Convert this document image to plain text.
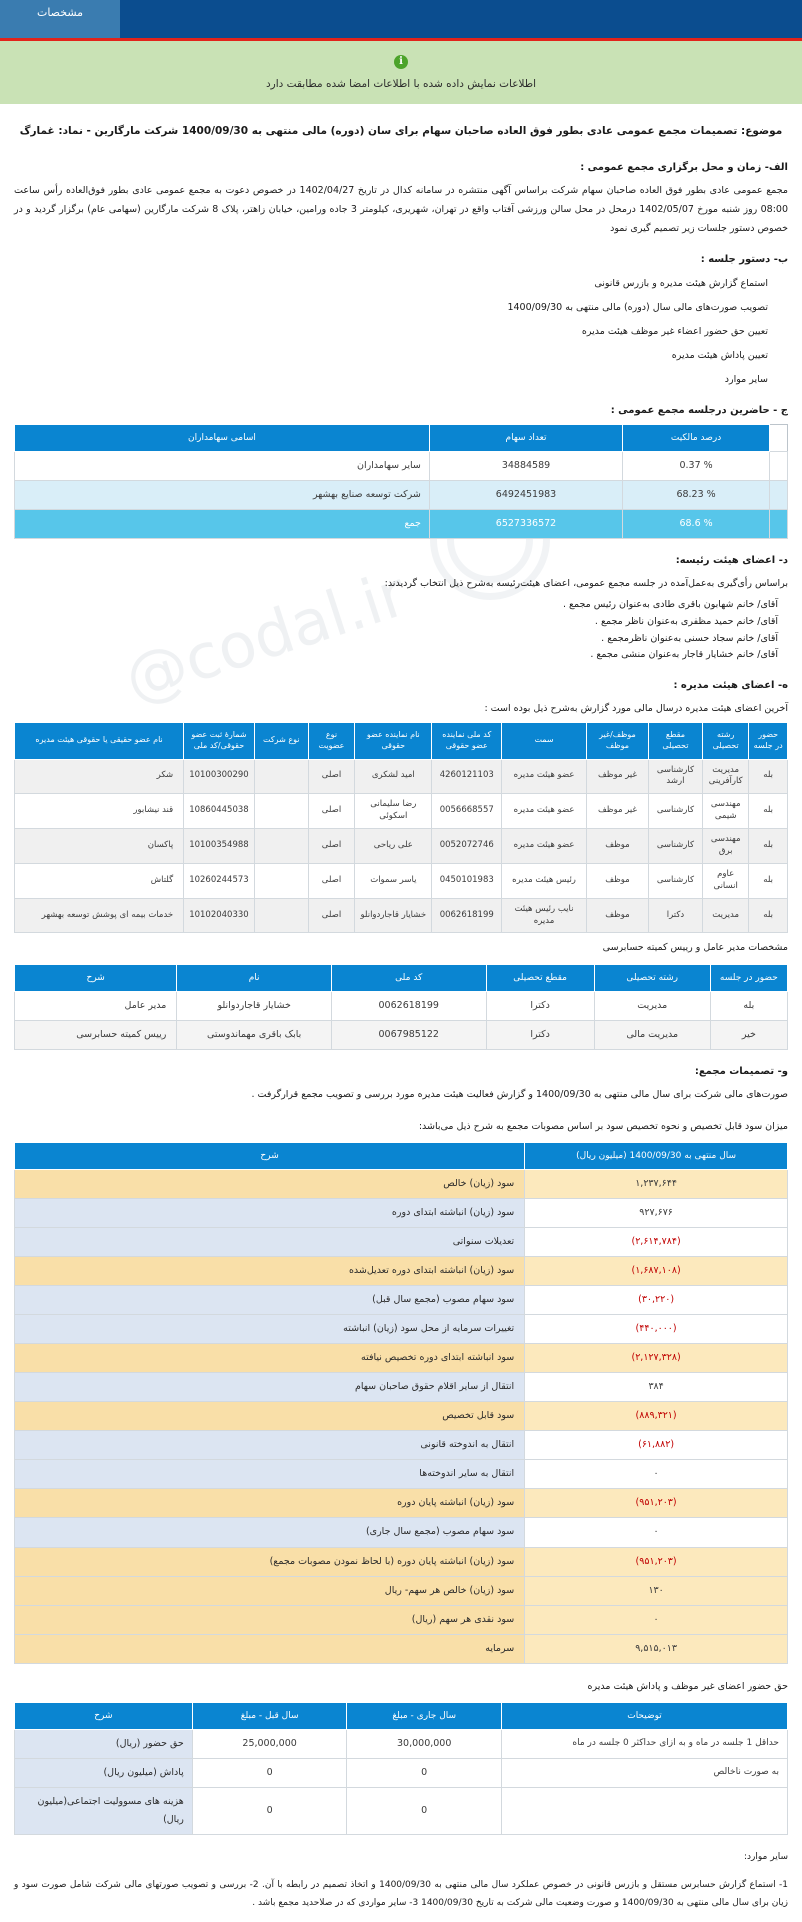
مشخصات
i
اطلاعات نمایش داده شده با اطلاعات امضا شده مطابقت دارد
@codal.ir
موضوع: تصمیمات مجمع عمومی عادی بطور فوق العاده صاحبان سهام برای سان (دوره) مالی منتهی به 1400/09/30 شرکت مارگارین - نماد: غمارگ
الف- زمان و محل برگزاری مجمع عمومی :

مجمع عمومی عادی بطور فوق العاده صاحبان سهام شرکت براساس آگهی منتشره در سامانه کدال در تاریخ 1402/04/27 در خصوص دعوت به مجمع عمومی عادی بطور فوق‌العاده رأس ساعت 08:00 روز شنبه مورخ 1402/05/07 درمحل در محل سالن ورزشی آفتاب واقع در تهران، شهریری، کیلومتر 3 جاده ورامین، خیابان زاهتر، پلاک 8 شرکت مارگارین (سهامی عام) برگزار گردید و در خصوص دستور جلسات زیر تصمیم گیری نمود

ب- دستور جلسه :
استماع گزارش هیئت مدیره و بازرس قانونی
تصویب صورت‌های مالی سال (دوره) مالی منتهی به 1400/09/30
تعیین حق حضور اعضاء غیر موظف هیئت مدیره
تعیین پاداش هیئت مدیره
سایر موارد
ج - حاضرین درجلسه مجمع عمومی :
	درصد مالکیت	تعداد سهام	اسامی سهامداران
	% 0.37	34884589	سایر سهامداران
	% 68.23	6492451983	شرکت توسعه صنایع بهشهر
	% 68.6	6527336572	جمع
د- اعضای هیئت رئیسه:
براساس رأی‌گیری به‌عمل‌آمده در جلسه مجمع عمومی، اعضای هیئت‌رئیسه به‌شرح ذیل انتخاب گردیدند:
آقای/ خانم شهابون باقری طادی به‌عنوان رئیس مجمع .
آقای/ خانم حمید مظفری به‌عنوان ناظر مجمع .
آقای/ خانم سجاد حسنی به‌عنوان ناظرمجمع .
آقای/ خانم خشایار قاجار به‌عنوان منشی مجمع .
ه- اعضای هیئت مدیره :
آخرین اعضای هیئت مدیره درسال مالی مورد گزارش به‌شرح ذیل بوده است :
حضور در جلسه	رشته تحصیلی	مقطع تحصیلی	موظف/غیر موظف	سمت	کد ملی نماینده عضو حقوقی	نام نماینده عضو حقوقی	نوع عضویت	نوع شرکت	شمارهٔ ثبت عضو حقوقی/کد ملی	نام عضو حقیقی یا حقوقی هیئت مدیره
بله	مدیریت کارآفرینی	کارشناسی ارشد	غیر موظف	عضو هیئت مدیره	4260121103	امید لشکری	اصلی		10100300290	شکر
بله	مهندسی شیمی	کارشناسی	غیر موظف	عضو هیئت مدیره	0056668557	رضا سلیمانی اسکوئی	اصلی		10860445038	قند نیشابور
بله	مهندسی برق	کارشناسی	موظف	عضو هیئت مدیره	0052072746	علی ریاحی	اصلی		10100354988	پاکسان
بله	عاوم انسانی	کارشناسی	موظف	رئیس هیئت مدیره	0450101983	یاسر سموات	اصلی		10260244573	گلتاش
بله	مدیریت	دکترا	موظف	نایب رئیس هیئت مدیره	0062618199	خشایار قاجاردوانلو	اصلی		10102040330	خدمات بیمه ای پوشش توسعه بهشهر
مشخصات مدیر عامل و رییس کمیته حسابرسی
حضور در جلسه	رشته تحصیلی	مقطع تحصیلی	کد ملی	نام	شرح
بله	مدیریت	دکترا	0062618199	خشایار قاجاردوانلو	مدیر عامل
خیر	مدیریت مالی	دکترا	0067985122	بابک باقری مهماندوستی	رییس کمیته حسابرسی
و- تصمیمات مجمع:
صورت‌های مالی شرکت برای سال مالی منتهی به 1400/09/30 و گزارش فعالیت هیئت مدیره مورد بررسی و تصویب مجمع قرارگرفت .
میزان سود قابل تخصیص و نحوه تخصیص سود بر اساس مصوبات مجمع به شرح ذیل می‌باشد:
سال منتهی به 1400/09/30 (میلیون ریال)	شرح
۱,۲۳۷,۶۴۴	سود (زیان) خالص
۹۲۷,۶۷۶	سود (زیان) انباشته ابتدای دوره
(۲,۶۱۴,۷۸۴)	تعدیلات سنواتی
(۱,۶۸۷,۱۰۸)	سود (زیان) انباشته ابتدای دوره تعدیل‌شده
(۳۰,۲۲۰)	سود سهام مصوب (مجمع سال قبل)
(۴۴۰,۰۰۰)	تغییرات سرمایه از محل سود (زیان) انباشته
(۲,۱۲۷,۳۲۸)	سود انباشته ابتدای دوره تخصیص نیافته
۳۸۴	انتقال از سایر اقلام حقوق صاحبان سهام
(۸۸۹,۳۲۱)	سود قابل تخصیص
(۶۱,۸۸۲)	انتقال به اندوخته قانونی
۰	انتقال به سایر اندوخته‌ها
(۹۵۱,۲۰۳)	سود (زیان) انباشته پایان دوره
۰	سود سهام مصوب (مجمع سال جاری)
(۹۵۱,۲۰۳)	سود (زیان) انباشته پایان دوره (با لحاظ نمودن مصوبات مجمع)
۱۳۰	سود (زیان) خالص هر سهم- ریال
۰	سود نقدی هر سهم (ریال)
۹,۵۱۵,۰۱۳	سرمایه
حق حضور اعضای غیر موظف و پاداش هیئت مدیره
توضیحات	سال جاری - مبلغ	سال قبل - مبلغ	شرح
حداقل 1 جلسه در ماه و به ازای حداکثر 0 جلسه در ماه	30,000,000	25,000,000	حق حضور (ریال)
به صورت ناخالص	0	0	پاداش (میلیون ریال)
	0	0	هزینه های مسوولیت اجتماعی(میلیون ریال)
سایر موارد:
1- استماع گزارش حسابرس مستقل و بازرس قانونی در خصوص عملکرد سال مالی منتهی به 1400/09/30 و اتخاذ تصمیم در رابطه با آن. 2- بررسی و تصویب صورتهای مالی شرکت شامل صورت سود و زیان برای سال مالی منتهی به 1400/09/30 و صورت وضعیت مالی شرکت به تاریخ 1400/09/30 3- سایر مواردی که در صلاحدید مجمع باشد .
